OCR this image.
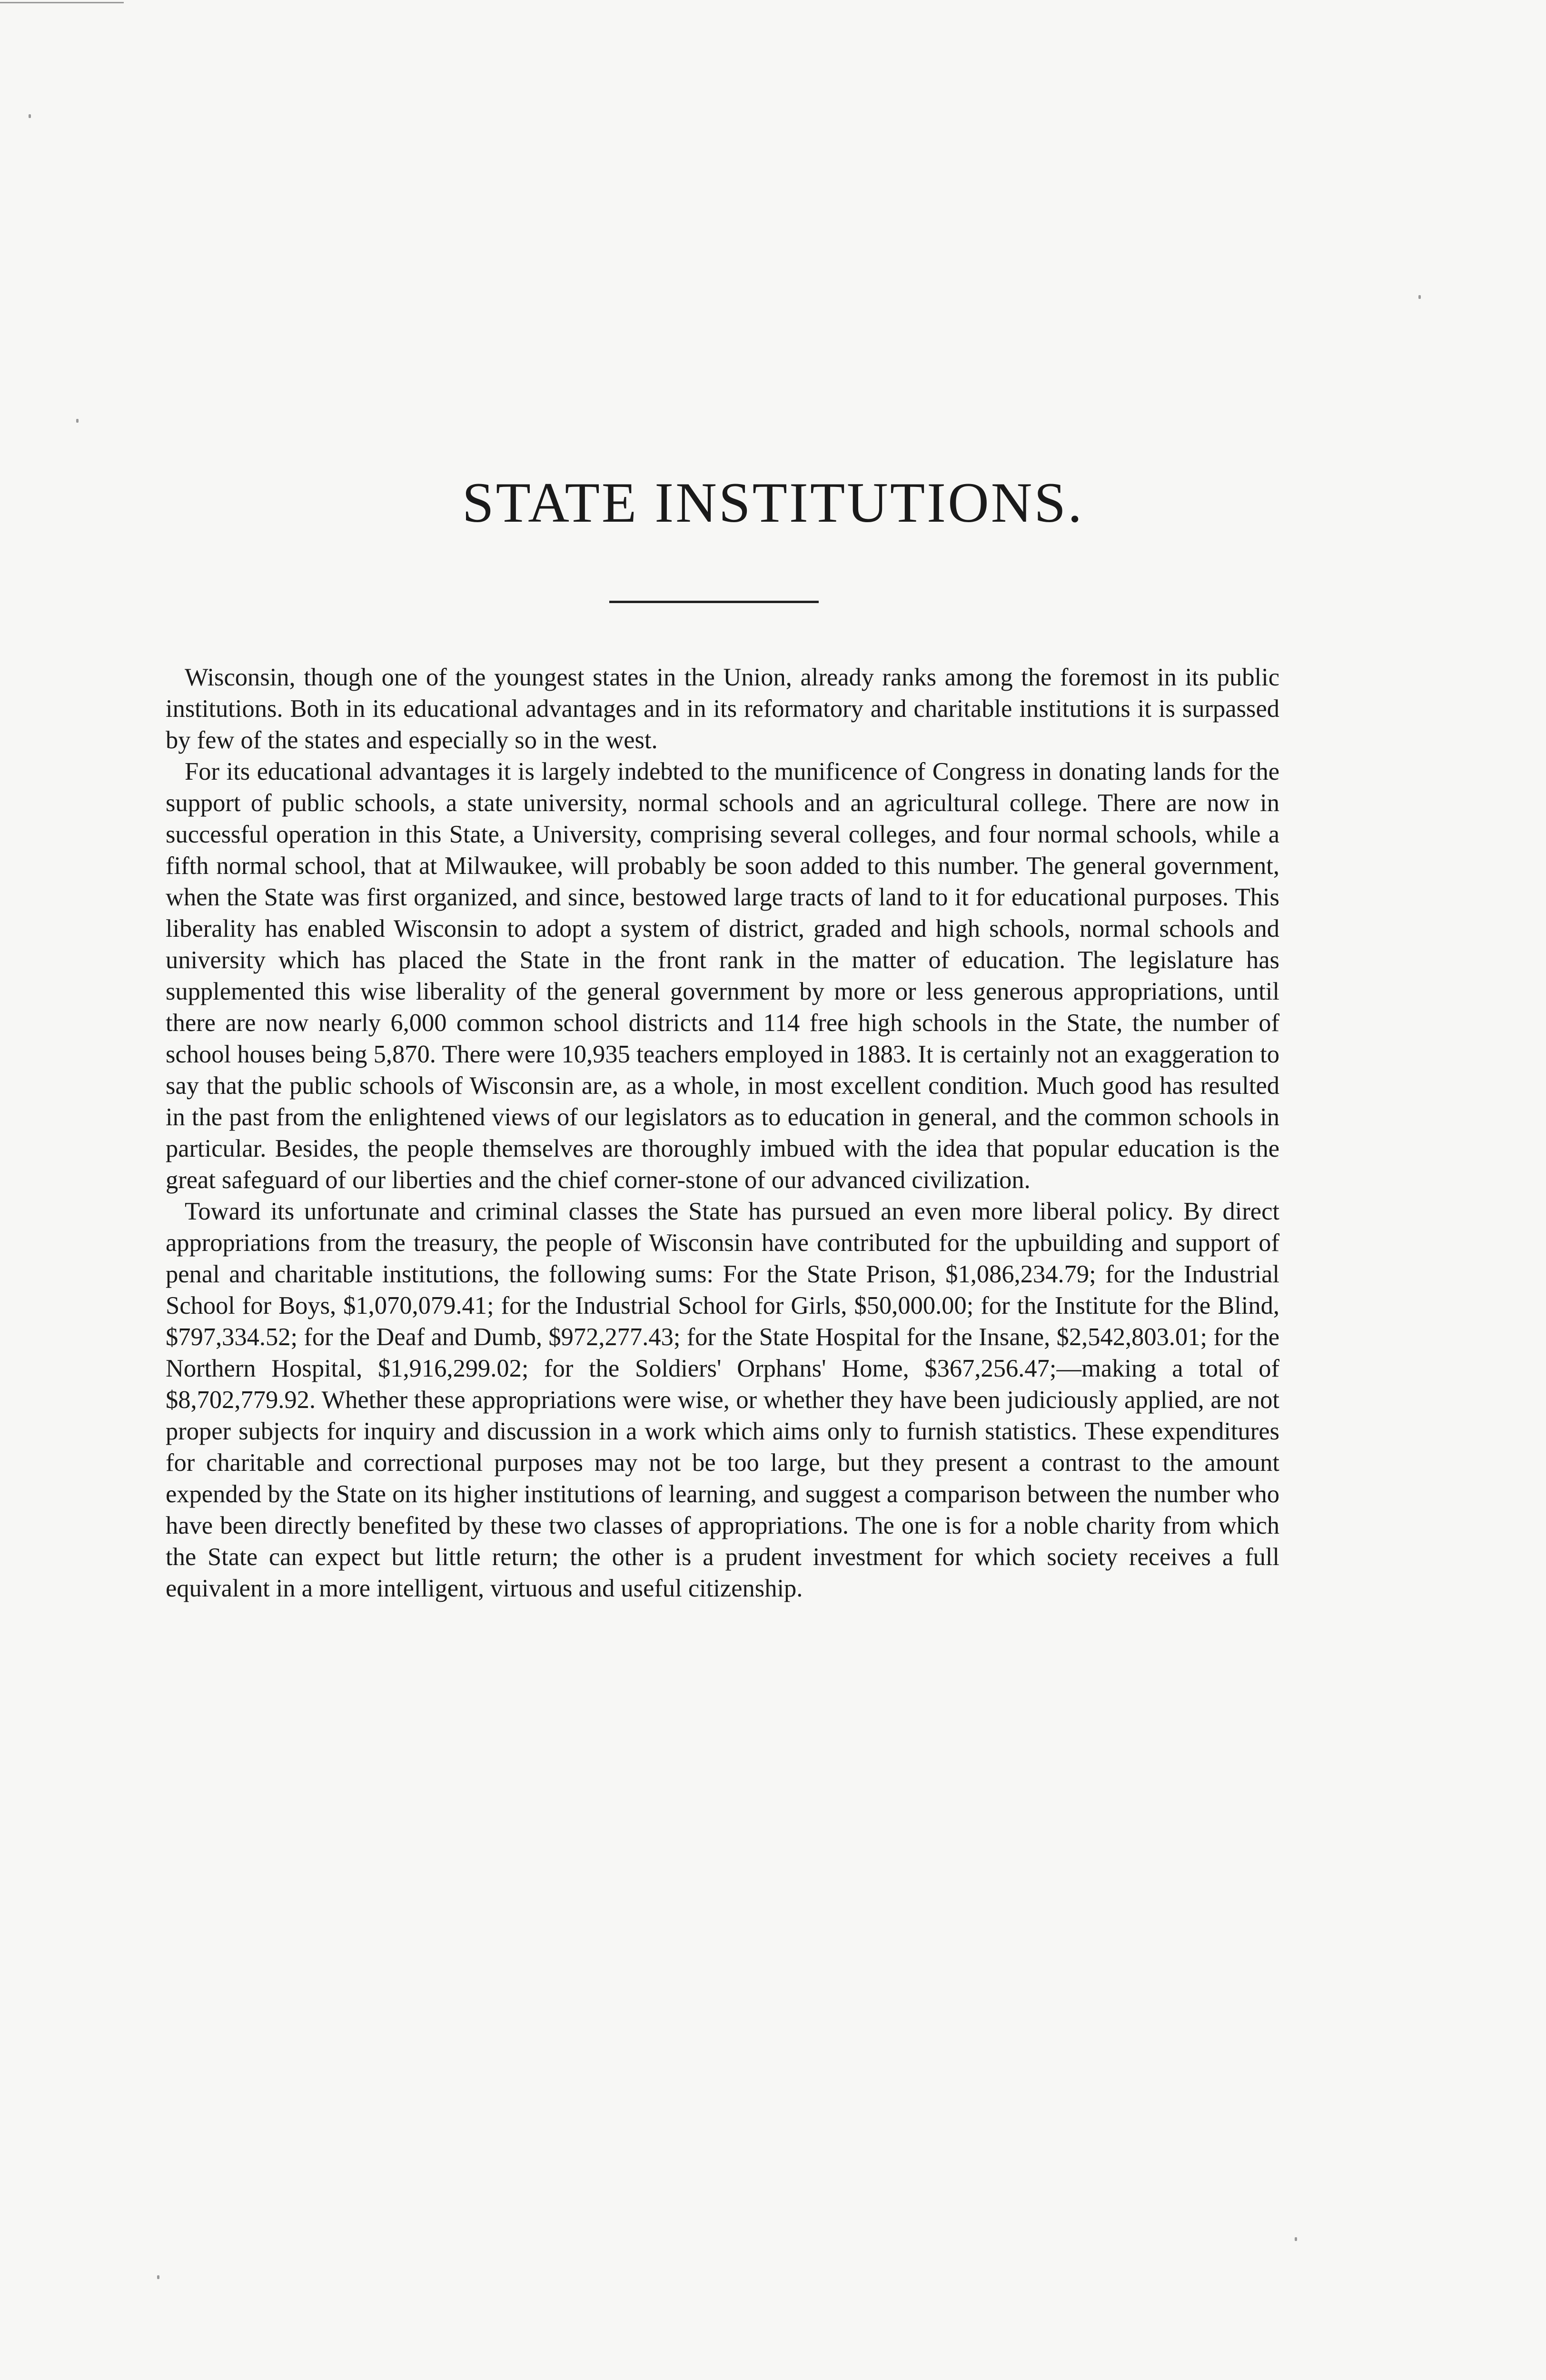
STATE INSTITUTIONS.

Wisconsin, though one of the youngest states in the Union, already ranks among the foremost in its public institutions. Both in its educational advantages and in its reformatory and charitable institutions it is surpassed by few of the states and especially so in the west.

For its educational advantages it is largely indebted to the munificence of Congress in donating lands for the support of public schools, a state university, normal schools and an agricultural college. There are now in successful operation in this State, a University, comprising several colleges, and four normal schools, while a fifth normal school, that at Milwaukee, will probably be soon added to this number. The general government, when the State was first organized, and since, bestowed large tracts of land to it for educational purposes. This liberality has enabled Wisconsin to adopt a system of district, graded and high schools, normal schools and university which has placed the State in the front rank in the matter of education. The legislature has supplemented this wise liberality of the general government by more or less generous appropriations, until there are now nearly 6,000 common school districts and 114 free high schools in the State, the number of school houses being 5,870. There were 10,935 teachers employed in 1883. It is certainly not an exaggeration to say that the public schools of Wisconsin are, as a whole, in most excellent condition. Much good has resulted in the past from the enlightened views of our legislators as to education in general, and the common schools in particular. Besides, the people themselves are thoroughly imbued with the idea that popular education is the great safeguard of our liberties and the chief corner-stone of our advanced civilization.

Toward its unfortunate and criminal classes the State has pursued an even more liberal policy. By direct appropriations from the treasury, the people of Wisconsin have contributed for the upbuilding and support of penal and charitable institutions, the following sums: For the State Prison, $1,086,234.79; for the Industrial School for Boys, $1,070,079.41; for the Industrial School for Girls, $50,000.00; for the Institute for the Blind, $797,334.52; for the Deaf and Dumb, $972,277.43; for the State Hospital for the Insane, $2,542,803.01; for the Northern Hospital, $1,916,299.02; for the Soldiers' Orphans' Home, $367,256.47;—making a total of $8,702,779.92. Whether these appropriations were wise, or whether they have been judiciously applied, are not proper subjects for inquiry and discussion in a work which aims only to furnish statistics. These expenditures for charitable and correctional purposes may not be too large, but they present a contrast to the amount expended by the State on its higher institutions of learning, and suggest a comparison between the number who have been directly benefited by these two classes of appropriations. The one is for a noble charity from which the State can expect but little return; the other is a prudent investment for which society receives a full equivalent in a more intelligent, virtuous and useful citizenship.
